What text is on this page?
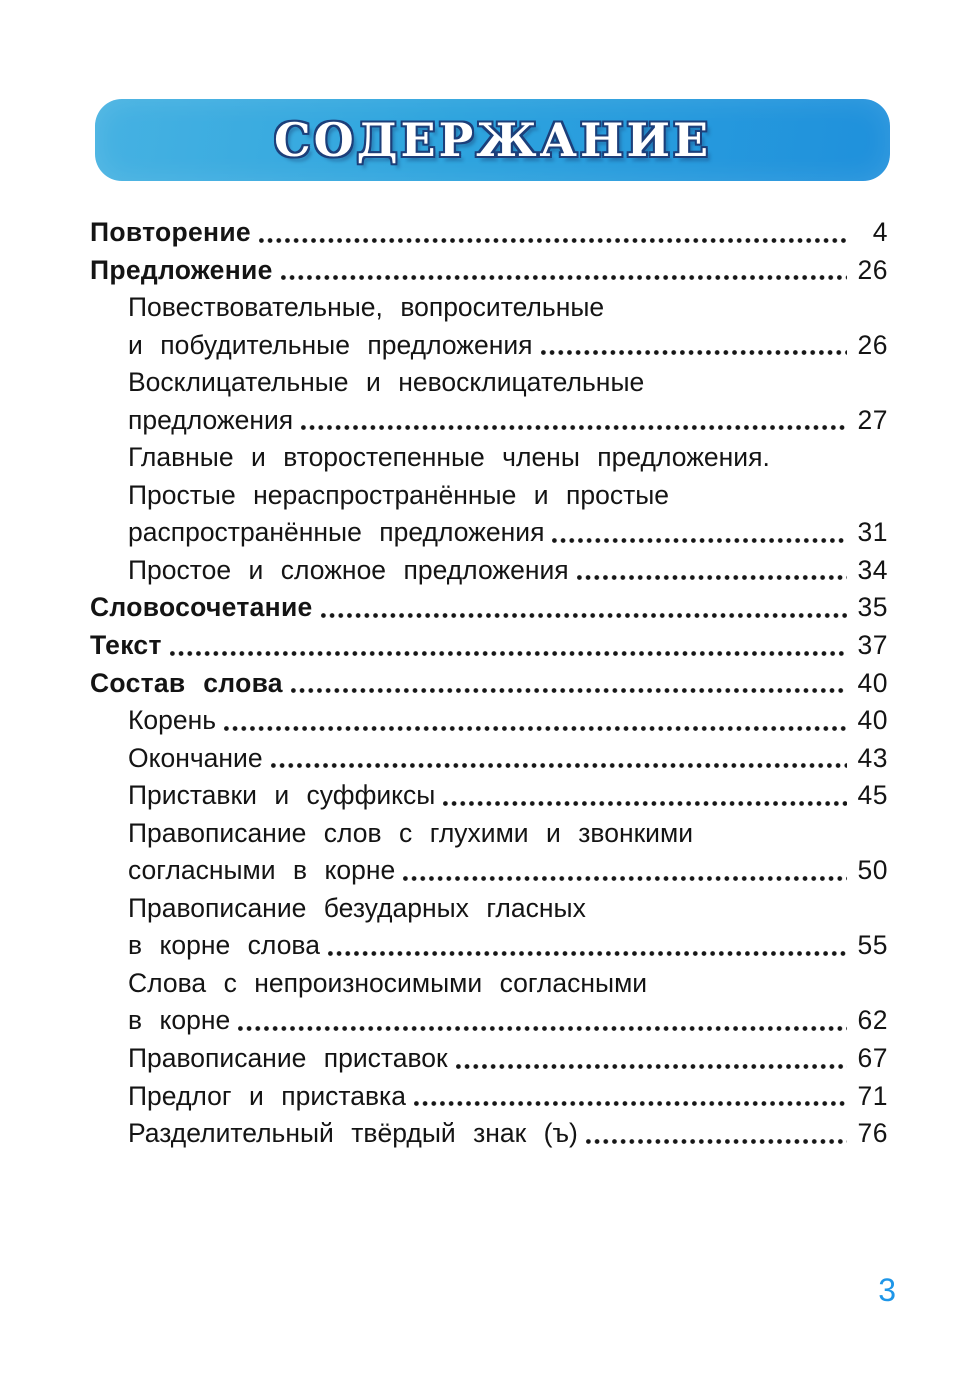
СОДЕРЖАНИЕ
Повторение	4
Предложение	26
Повествовательные, вопросительные
и побудительные предложения	26
Восклицательные и невосклицательные
предложения	27
Главные и второстепенные члены предложения.
Простые нераспространённые и простые
распространённые предложения	31
Простое и сложное предложения	34
Словосочетание	35
Текст	37
Состав слова	40
Корень	40
Окончание	43
Приставки и суффиксы	45
Правописание слов с глухими и звонкими
согласными в корне	50
Правописание безударных гласных
в корне слова	55
Слова с непроизносимыми согласными
в корне	62
Правописание приставок	67
Предлог и приставка	71
Разделительный твёрдый знак (ъ)	76
3
